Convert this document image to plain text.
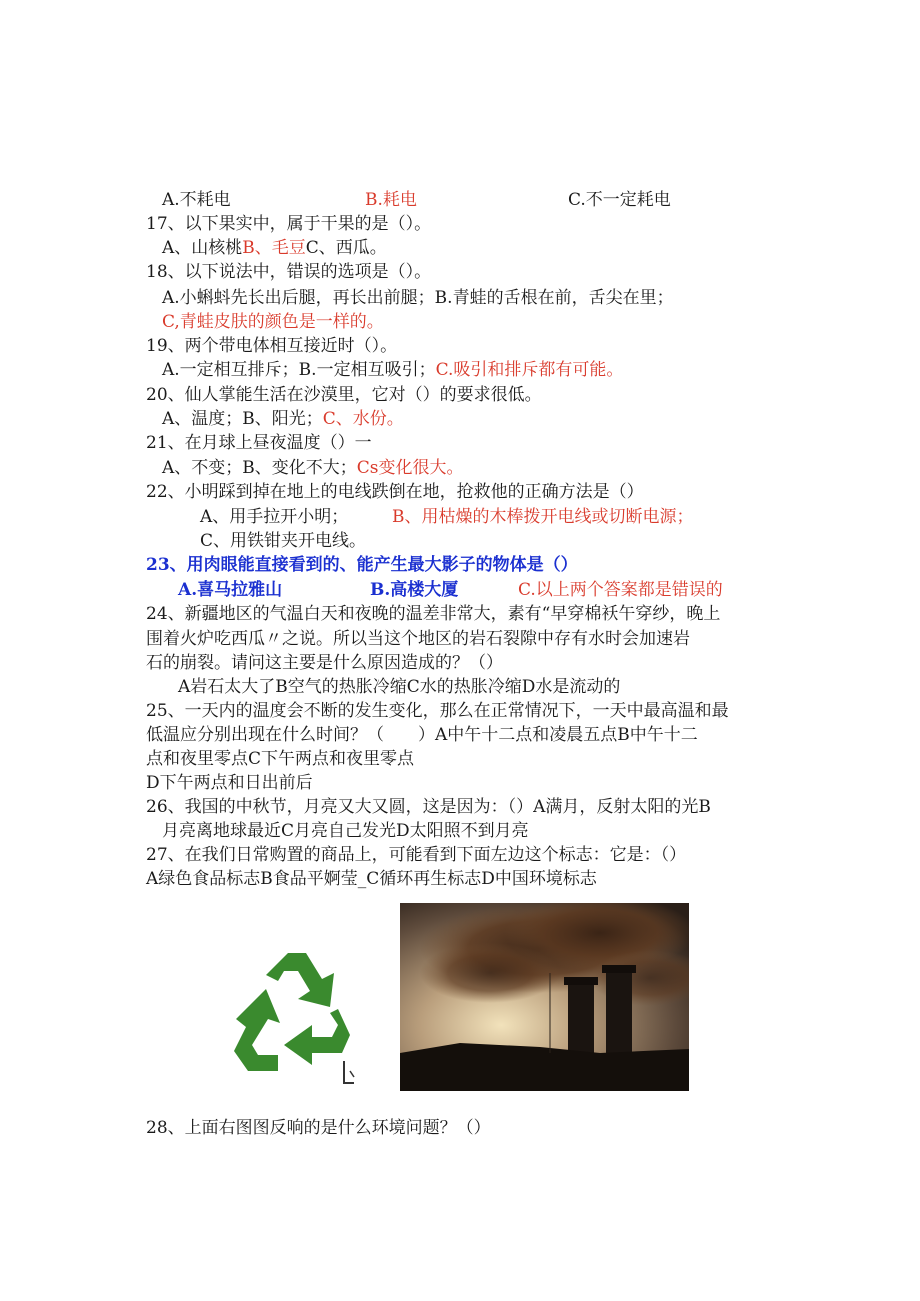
A.不耗电	B.耗电	C.不一定耗电
17、以下果实中，属于干果的是（）。
A、山核桃B、毛豆C、西瓜。
18、以下说法中，错误的选项是（）。
A.小蝌蚪先长出后腿，再长出前腿；B.青蛙的舌根在前，舌尖在里；
C,青蛙皮肤的颜色是一样的。
19、两个带电体相互接近时（）。
A.一定相互排斥；B.一定相互吸引；C.吸引和排斥都有可能。
20、仙人掌能生活在沙漠里，它对（）的要求很低。
A、温度；B、阳光；C、水份。
21、在月球上昼夜温度（）一
A、不变；B、变化不大；Cs变化很大。
22、小明踩到掉在地上的电线跌倒在地，抢救他的正确方法是（）
A、用手拉开小明；	B、用枯燥的木棒拨开电线或切断电源；
C、用铁钳夹开电线。
23、用肉眼能直接看到的、能产生最大影子的物体是（）
A.喜马拉雅山	B.高楼大厦	C.以上两个答案都是错误的
24、新疆地区的气温白天和夜晚的温差非常大，素有“早穿棉袄午穿纱，晚上
围着火炉吃西瓜〃之说。所以当这个地区的岩石裂隙中存有水时会加速岩
石的崩裂。请问这主要是什么原因造成的？（）
A岩石太大了B空气的热胀冷缩C水的热胀冷缩D水是流动的
25、一天内的温度会不断的发生变化，那么在正常情况下，一天中最高温和最
低温应分别出现在什么时间？（　　）A中午十二点和凌晨五点B中午十二
点和夜里零点C下午两点和夜里零点
D下午两点和日出前后
26、我国的中秋节，月亮又大又圆，这是因为：（）A满月，反射太阳的光B
月亮离地球最近C月亮自己发光D太阳照不到月亮
27、在我们日常购置的商品上，可能看到下面左边这个标志：它是：（）
A绿色食品标志B食品平婀莹_C循环再生标志D中国环境标志
28、上面右图图反响的是什么环境问题？（）
